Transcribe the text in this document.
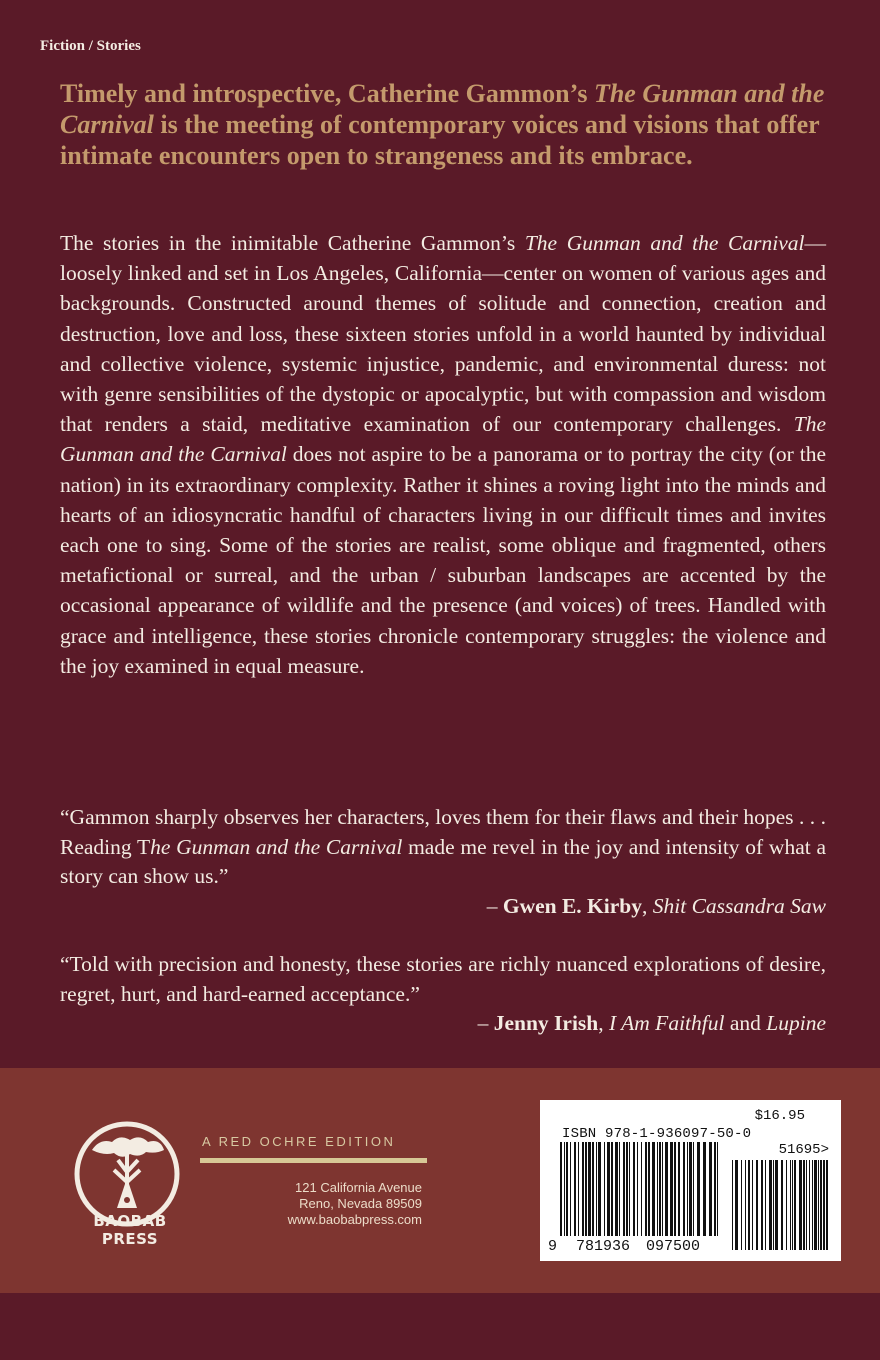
Fiction / Stories
Timely and introspective, Catherine Gammon’s The Gunman and the Carnival is the meeting of contemporary voices and visions that offer intimate encounters open to strangeness and its embrace.
The stories in the inimitable Catherine Gammon’s The Gunman and the Carnival—loosely linked and set in Los Angeles, California—center on women of various ages and backgrounds. Constructed around themes of solitude and connection, creation and destruction, love and loss, these sixteen stories unfold in a world haunted by individual and collective violence, systemic injustice, pandemic, and environmental duress: not with genre sensibilities of the dystopic or apocalyptic, but with compassion and wisdom that renders a staid, meditative examination of our contemporary challenges. The Gunman and the Carnival does not aspire to be a panorama or to portray the city (or the nation) in its extraordinary complexity. Rather it shines a roving light into the minds and hearts of an idiosyncratic handful of characters living in our difficult times and invites each one to sing. Some of the stories are realist, some oblique and fragmented, others metafictional or surreal, and the urban / suburban landscapes are accented by the occasional appearance of wildlife and the presence (and voices) of trees. Handled with grace and intelligence, these stories chronicle contemporary struggles: the violence and the joy examined in equal measure.
“Gammon sharply observes her characters, loves them for their flaws and their hopes . . . Reading The Gunman and the Carnival made me revel in the joy and intensity of what a story can show us.”
– Gwen E. Kirby, Shit Cassandra Saw
“Told with precision and honesty, these stories are richly nuanced explorations of desire, regret, hurt, and hard-earned acceptance.”
– Jenny Irish, I Am Faithful and Lupine
BAOBAB PRESS
A RED OCHRE EDITION
121 California Avenue
Reno, Nevada 89509
www.baobabpress.com
$16.95
ISBN 978-1-936097-50-0
51695>
9 781936 097500
